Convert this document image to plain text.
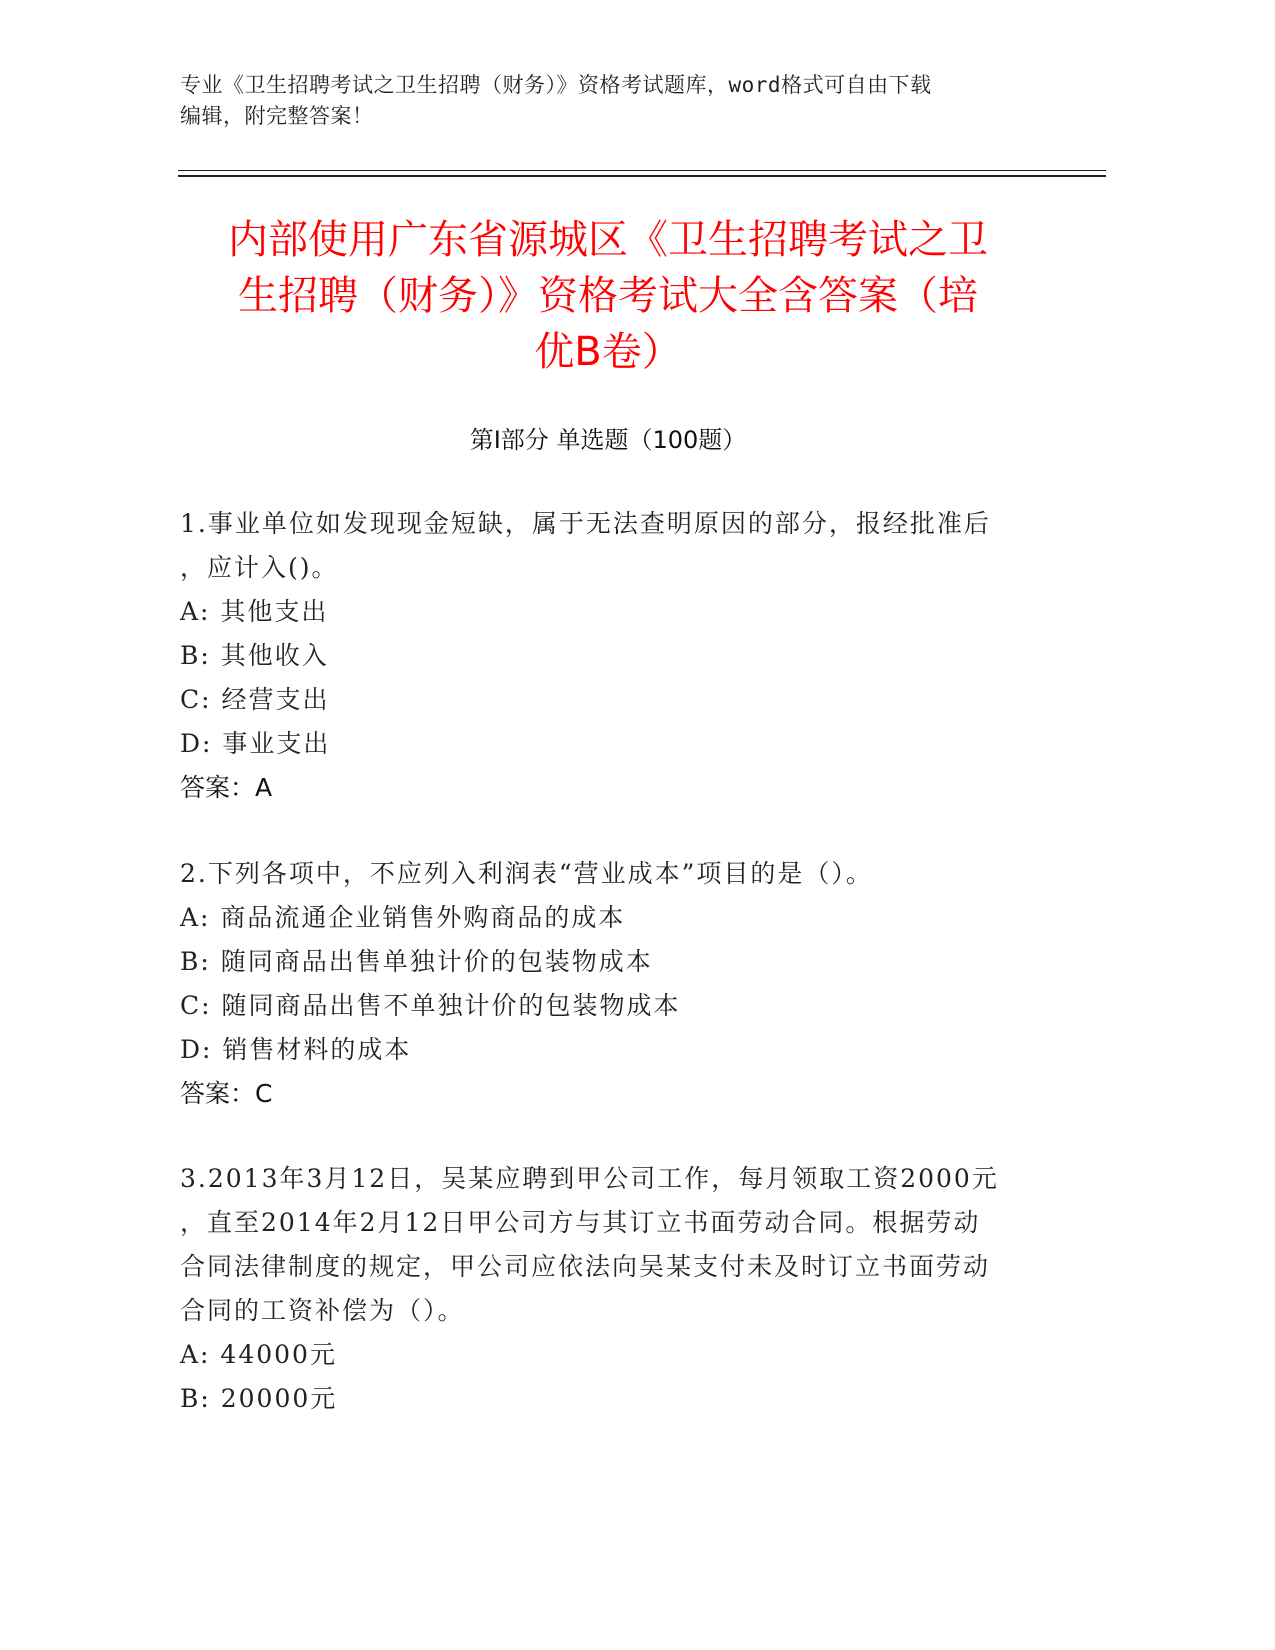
专业《卫生招聘考试之卫生招聘（财务）》资格考试题库，word格式可自由下载
编辑，附完整答案！
内部使用广东省源城区《卫生招聘考试之卫
生招聘（财务）》资格考试大全含答案（培
优B卷）
第I部分 单选题（100题）

1.事业单位如发现现金短缺，属于无法查明原因的部分，报经批准后

，应计入()。

A: 其他支出

B: 其他收入

C: 经营支出

D: 事业支出

答案：A

2.下列各项中，不应列入利润表“营业成本”项目的是（）。

A: 商品流通企业销售外购商品的成本

B: 随同商品出售单独计价的包装物成本

C: 随同商品出售不单独计价的包装物成本

D: 销售材料的成本

答案：C

3.2013年3月12日，吴某应聘到甲公司工作，每月领取工资2000元

，直至2014年2月12日甲公司方与其订立书面劳动合同。根据劳动

合同法律制度的规定，甲公司应依法向吴某支付未及时订立书面劳动

合同的工资补偿为（）。

A: 44000元

B: 20000元
